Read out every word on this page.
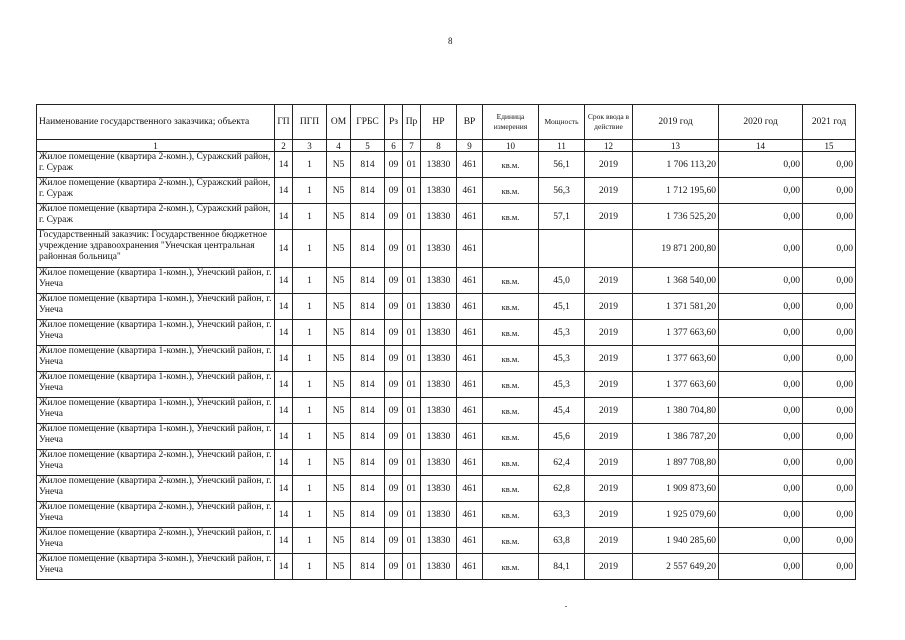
8
Наименование государственного заказчика; объекта	ГП	ПГП	ОМ	ГРБС	Рз	Пр	НР	ВР	Единица измерения	Мощность	Срок ввода в действие	2019 год	2020 год	2021 год
1	2	3	4	5	6	7	8	9	10	11	12	13	14	15
Жилое помещение (квартира 2-комн.), Суражский район, г. Сураж	14	1	N5	814	09	01	13830	461	кв.м.	56,1	2019	1 706 113,20	0,00	0,00
Жилое помещение (квартира 2-комн.), Суражский район, г. Сураж	14	1	N5	814	09	01	13830	461	кв.м.	56,3	2019	1 712 195,60	0,00	0,00
Жилое помещение (квартира 2-комн.), Суражский район, г. Сураж	14	1	N5	814	09	01	13830	461	кв.м.	57,1	2019	1 736 525,20	0,00	0,00
Государственный заказчик: Государственное бюджетное учреждение здравоохранения "Унечская центральная районная больница"	14	1	N5	814	09	01	13830	461				19 871 200,80	0,00	0,00
Жилое помещение (квартира 1-комн.), Унечский район, г. Унеча	14	1	N5	814	09	01	13830	461	кв.м.	45,0	2019	1 368 540,00	0,00	0,00
Жилое помещение (квартира 1-комн.), Унечский район, г. Унеча	14	1	N5	814	09	01	13830	461	кв.м.	45,1	2019	1 371 581,20	0,00	0,00
Жилое помещение (квартира 1-комн.), Унечский район, г. Унеча	14	1	N5	814	09	01	13830	461	кв.м.	45,3	2019	1 377 663,60	0,00	0,00
Жилое помещение (квартира 1-комн.), Унечский район, г. Унеча	14	1	N5	814	09	01	13830	461	кв.м.	45,3	2019	1 377 663,60	0,00	0,00
Жилое помещение (квартира 1-комн.), Унечский район, г. Унеча	14	1	N5	814	09	01	13830	461	кв.м.	45,3	2019	1 377 663,60	0,00	0,00
Жилое помещение (квартира 1-комн.), Унечский район, г. Унеча	14	1	N5	814	09	01	13830	461	кв.м.	45,4	2019	1 380 704,80	0,00	0,00
Жилое помещение (квартира 1-комн.), Унечский район, г. Унеча	14	1	N5	814	09	01	13830	461	кв.м.	45,6	2019	1 386 787,20	0,00	0,00
Жилое помещение (квартира 2-комн.), Унечский район, г. Унеча	14	1	N5	814	09	01	13830	461	кв.м.	62,4	2019	1 897 708,80	0,00	0,00
Жилое помещение (квартира 2-комн.), Унечский район, г. Унеча	14	1	N5	814	09	01	13830	461	кв.м.	62,8	2019	1 909 873,60	0,00	0,00
Жилое помещение (квартира 2-комн.), Унечский район, г. Унеча	14	1	N5	814	09	01	13830	461	кв.м.	63,3	2019	1 925 079,60	0,00	0,00
Жилое помещение (квартира 2-комн.), Унечский район, г. Унеча	14	1	N5	814	09	01	13830	461	кв.м.	63,8	2019	1 940 285,60	0,00	0,00
Жилое помещение (квартира 3-комн.), Унечский район, г. Унеча	14	1	N5	814	09	01	13830	461	кв.м.	84,1	2019	2 557 649,20	0,00	0,00
